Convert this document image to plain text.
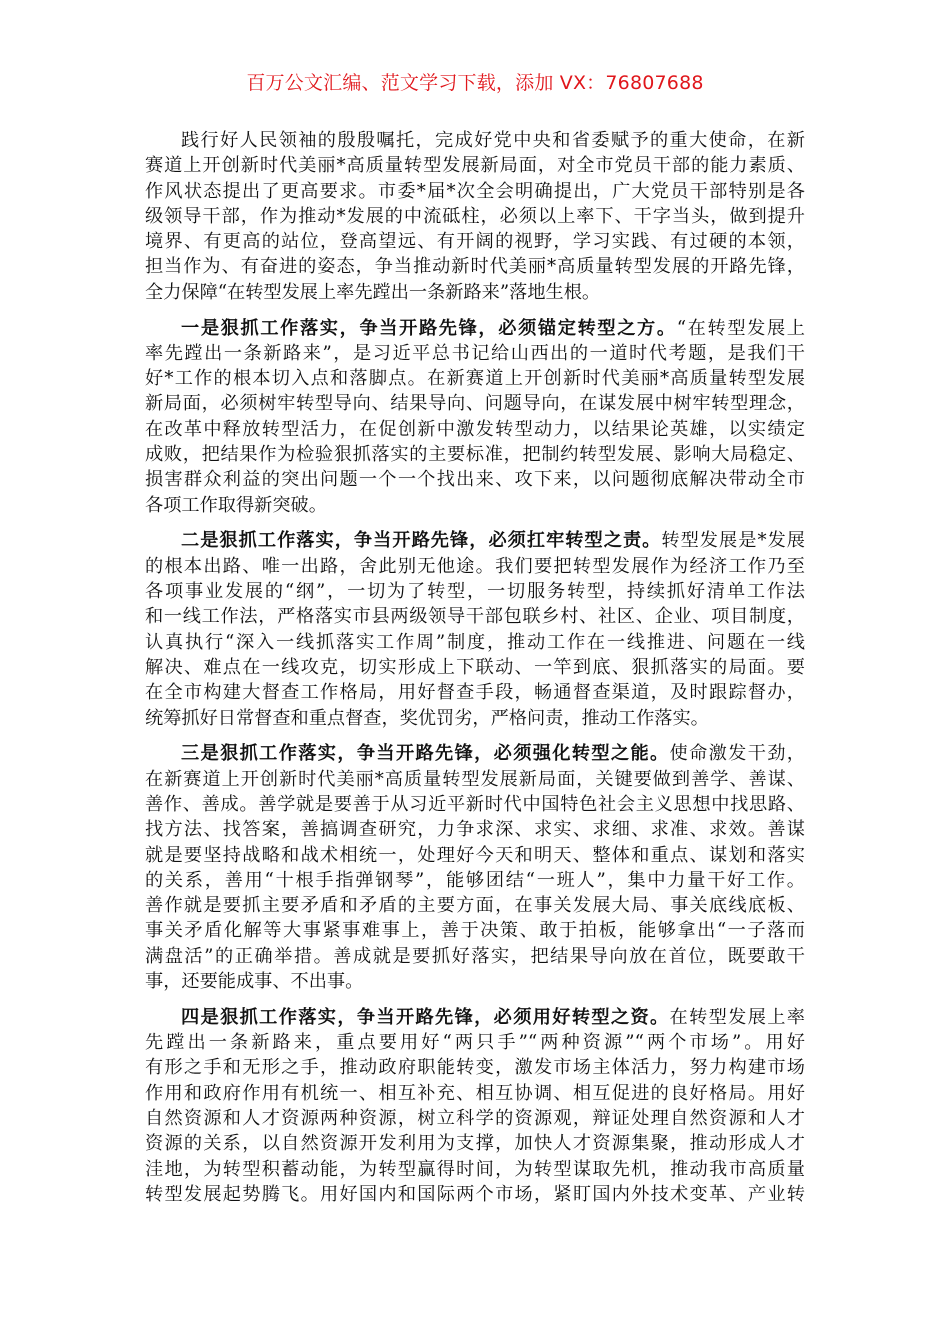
百万公文汇编、范文学习下载，添加 VX：76807688
践行好人民领袖的殷殷嘱托，完成好党中央和省委赋予的重大使命，在新
赛道上开创新时代美丽*高质量转型发展新局面，对全市党员干部的能力素质、
作风状态提出了更高要求。市委*届*次全会明确提出，广大党员干部特别是各
级领导干部，作为推动*发展的中流砥柱，必须以上率下、干字当头，做到提升
境界、有更高的站位，登高望远、有开阔的视野，学习实践、有过硬的本领，
担当作为、有奋进的姿态，争当推动新时代美丽*高质量转型发展的开路先锋，
全力保障“在转型发展上率先蹚出一条新路来”落地生根。
一是狠抓工作落实，争当开路先锋，必须锚定转型之方。“在转型发展上
率先蹚出一条新路来”，是习近平总书记给山西出的一道时代考题，是我们干
好*工作的根本切入点和落脚点。在新赛道上开创新时代美丽*高质量转型发展
新局面，必须树牢转型导向、结果导向、问题导向，在谋发展中树牢转型理念，
在改革中释放转型活力，在促创新中激发转型动力，以结果论英雄，以实绩定
成败，把结果作为检验狠抓落实的主要标准，把制约转型发展、影响大局稳定、
损害群众利益的突出问题一个一个找出来、攻下来，以问题彻底解决带动全市
各项工作取得新突破。
二是狠抓工作落实，争当开路先锋，必须扛牢转型之责。转型发展是*发展
的根本出路、唯一出路，舍此别无他途。我们要把转型发展作为经济工作乃至
各项事业发展的“纲”，一切为了转型，一切服务转型，持续抓好清单工作法
和一线工作法，严格落实市县两级领导干部包联乡村、社区、企业、项目制度，
认真执行“深入一线抓落实工作周”制度，推动工作在一线推进、问题在一线
解决、难点在一线攻克，切实形成上下联动、一竿到底、狠抓落实的局面。要
在全市构建大督查工作格局，用好督查手段，畅通督查渠道，及时跟踪督办，
统筹抓好日常督查和重点督查，奖优罚劣，严格问责，推动工作落实。
三是狠抓工作落实，争当开路先锋，必须强化转型之能。使命激发干劲，
在新赛道上开创新时代美丽*高质量转型发展新局面，关键要做到善学、善谋、
善作、善成。善学就是要善于从习近平新时代中国特色社会主义思想中找思路、
找方法、找答案，善搞调查研究，力争求深、求实、求细、求准、求效。善谋
就是要坚持战略和战术相统一，处理好今天和明天、整体和重点、谋划和落实
的关系，善用“十根手指弹钢琴”，能够团结“一班人”，集中力量干好工作。
善作就是要抓主要矛盾和矛盾的主要方面，在事关发展大局、事关底线底板、
事关矛盾化解等大事紧事难事上，善于决策、敢于拍板，能够拿出“一子落而
满盘活”的正确举措。善成就是要抓好落实，把结果导向放在首位，既要敢干
事，还要能成事、不出事。
四是狠抓工作落实，争当开路先锋，必须用好转型之资。在转型发展上率
先蹚出一条新路来，重点要用好“两只手”“两种资源”“两个市场”。用好
有形之手和无形之手，推动政府职能转变，激发市场主体活力，努力构建市场
作用和政府作用有机统一、相互补充、相互协调、相互促进的良好格局。用好
自然资源和人才资源两种资源，树立科学的资源观，辩证处理自然资源和人才
资源的关系，以自然资源开发利用为支撑，加快人才资源集聚，推动形成人才
洼地，为转型积蓄动能，为转型赢得时间，为转型谋取先机，推动我市高质量
转型发展起势腾飞。用好国内和国际两个市场，紧盯国内外技术变革、产业转
